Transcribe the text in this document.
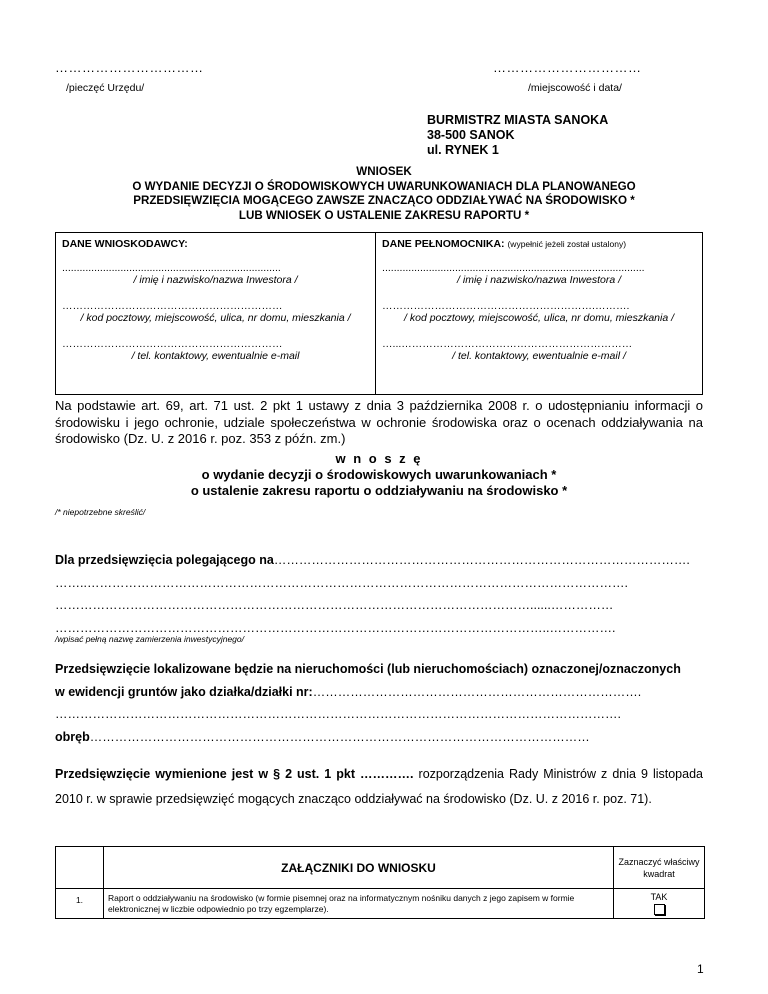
……………………………
/pieczęć Urzędu/
……………………………
/miejscowość i data/
BURMISTRZ MIASTA SANOKA
38-500 SANOK
ul. RYNEK 1
WNIOSEK
O WYDANIE DECYZJI O ŚRODOWISKOWYCH UWARUNKOWANIACH DLA PLANOWANEGO
PRZEDSIĘWZIĘCIA MOGĄCEGO ZAWSZE ZNACZĄCO ODDZIAŁYWAĆ NA ŚRODOWISKO *
LUB WNIOSEK O USTALENIE ZAKRESU RAPORTU *
DANE WNIOSKODAWCY:
...........................................................................
/ imię i nazwisko/nazwa Inwestora /
………………………………………………………
/ kod pocztowy, miejscowość, ulica, nr domu, mieszkania /
………………………………………………………
/ tel. kontaktowy, ewentualnie e-mail

DANE PEŁNOMOCNIKA: (wypełnić jeżeli został ustalony)
..........................................................................................
/ imię i nazwisko/nazwa Inwestora /
…………………………………………………….……….
/ kod pocztowy, miejscowość, ulica, nr domu, mieszkania /
…...…………………………………………………………
/ tel. kontaktowy, ewentualnie e-mail /
Na podstawie art. 69, art. 71 ust. 2 pkt 1 ustawy z dnia 3 października 2008 r. o udostępnianiu informacji o środowisku i jego ochronie, udziale społeczeństwa w ochronie środowiska oraz o ocenach oddziaływania na środowisko (Dz. U. z 2016 r. poz. 353 z późn. zm.)
w n o s z ę
o wydanie decyzji o środowiskowych uwarunkowaniach *
o ustalenie zakresu raportu o oddziaływaniu na środowisko *
/* niepotrzebne skreślić/
Dla przedsięwzięcia polegającego na……………………………………………………………………………………….
……..………………………………………………………………………………………………………………….
……………………………………………………………………………………………………......……………
………………………………………………………………………………………………………..…………….
/wpisać pełną nazwę zamierzenia inwestycyjnego/
Przedsięwzięcie lokalizowane będzie na nieruchomości (lub nieruchomościach) oznaczonej/oznaczonych
w ewidencji gruntów jako działka/działki nr:…………………………………………………………………….
……………………………………………………………………………………………………………………….
obręb…………………………………………………………………………………………………………
Przedsięwzięcie wymienione jest w § 2 ust. 1 pkt …………. rozporządzenia Rady Ministrów z dnia 9 listopada 2010 r. w sprawie przedsięwzięć mogących znacząco oddziaływać na środowisko (Dz. U. z 2016 r. poz. 71).
	ZAŁĄCZNIKI DO WNIOSKU	Zaznaczyć właściwy kwadrat
1.	Raport o oddziaływaniu na środowisko (w formie pisemnej oraz na informatycznym nośniku danych z jego zapisem w formie elektronicznej w liczbie odpowiednio po trzy egzemplarze).	TAK
1
